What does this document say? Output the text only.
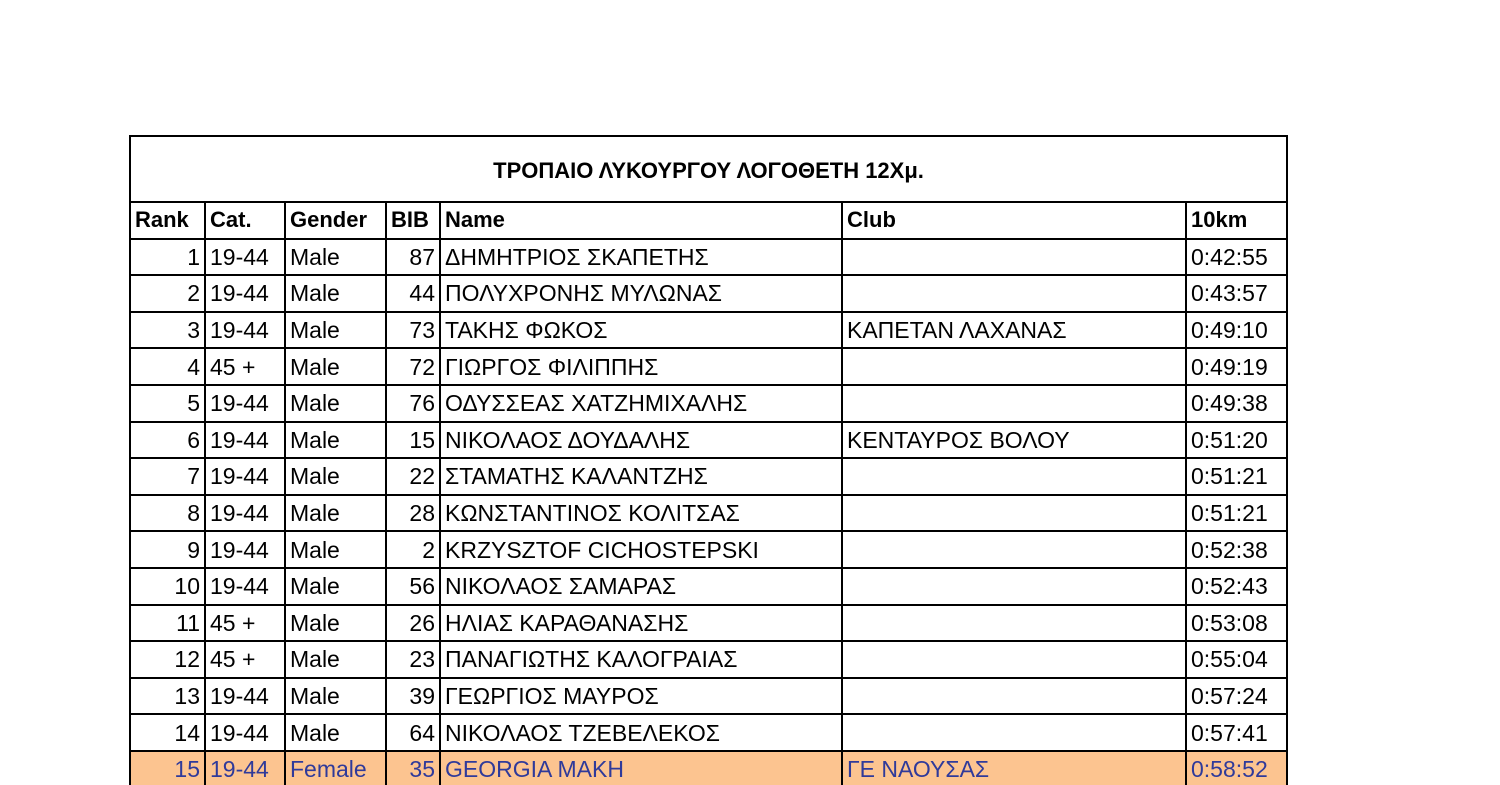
ΤΡΟΠΑΙΟ ΛΥΚΟΥΡΓΟΥ ΛΟΓΟΘΕΤΗ 12Χμ.						
Rank	Cat.	Gender	BIB	Name	Club	10km
1	19-44	Male	87	ΔΗΜΗΤΡΙΟΣ ΣΚΑΠΕΤΗΣ		0:42:55
2	19-44	Male	44	ΠΟΛΥΧΡΟΝΗΣ ΜΥΛΩΝΑΣ		0:43:57
3	19-44	Male	73	ΤΑΚΗΣ ΦΩΚΟΣ	ΚΑΠΕΤΑΝ ΛΑΧΑΝΑΣ	0:49:10
4	45 +	Male	72	ΓΙΩΡΓΟΣ ΦΙΛΙΠΠΗΣ		0:49:19
5	19-44	Male	76	ΟΔΥΣΣΕΑΣ ΧΑΤΖΗΜΙΧΑΛΗΣ		0:49:38
6	19-44	Male	15	ΝΙΚΟΛΑΟΣ ΔΟΥΔΑΛΗΣ	ΚΕΝΤΑΥΡΟΣ ΒΟΛΟΥ	0:51:20
7	19-44	Male	22	ΣΤΑΜΑΤΗΣ ΚΑΛΑΝΤΖΗΣ		0:51:21
8	19-44	Male	28	ΚΩΝΣΤΑΝΤΙΝΟΣ ΚΟΛΙΤΣΑΣ		0:51:21
9	19-44	Male	2	KRZYSZTOF CICHOSTEPSKI		0:52:38
10	19-44	Male	56	ΝΙΚΟΛΑΟΣ ΣΑΜΑΡΑΣ		0:52:43
11	45 +	Male	26	ΗΛΙΑΣ ΚΑΡΑΘΑΝΑΣΗΣ		0:53:08
12	45 +	Male	23	ΠΑΝΑΓΙΩΤΗΣ ΚΑΛΟΓΡΑΙΑΣ		0:55:04
13	19-44	Male	39	ΓΕΩΡΓΙΟΣ ΜΑΥΡΟΣ		0:57:24
14	19-44	Male	64	ΝΙΚΟΛΑΟΣ ΤΖΕΒΕΛΕΚΟΣ		0:57:41
15	19-44	Female	35	GEORGIA ΜΑΚΗ	ΓΕ ΝΑΟΥΣΑΣ	0:58:52
